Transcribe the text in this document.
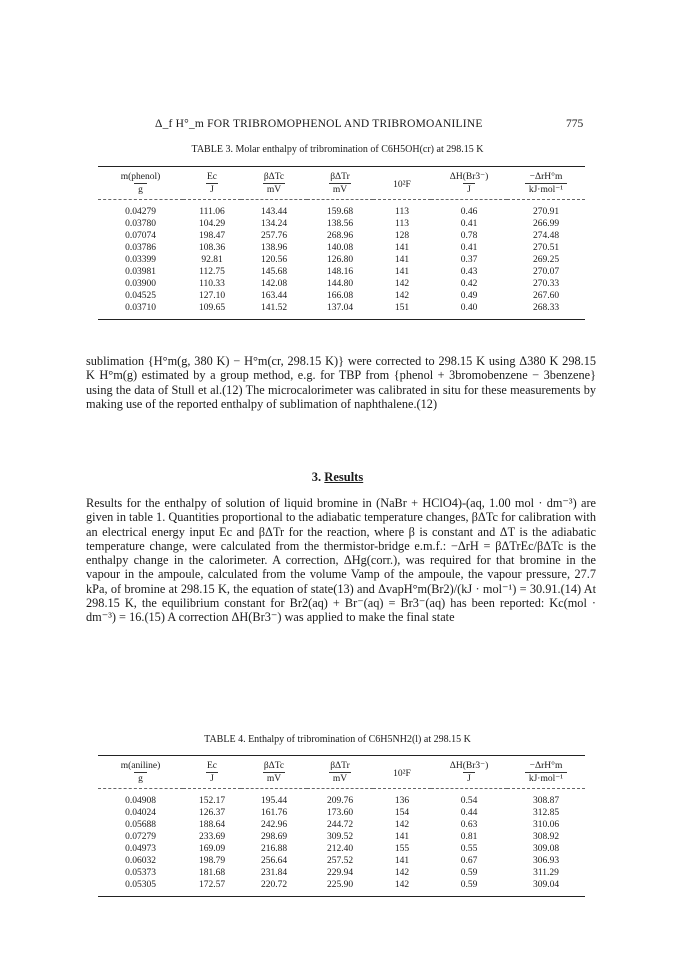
Δ_f H°_m FOR TRIBROMOPHENOL AND TRIBROMOANILINE	775
TABLE 3. Molar enthalpy of tribromination of C6H5OH(cr) at 298.15 K
m(phenol)	Ec	βΔTc	βΔTr	10²F	ΔH(Br3⁻)	−ΔrH°m
g	J	mV	mV		J	kJ·mol⁻¹
0.04279	111.06	143.44	159.68	113	0.46	270.91
0.03780	104.29	134.24	138.56	113	0.41	266.99
0.07074	198.47	257.76	268.96	128	0.78	274.48
0.03786	108.36	138.96	140.08	141	0.41	270.51
0.03399	92.81	120.56	126.80	141	0.37	269.25
0.03981	112.75	145.68	148.16	141	0.43	270.07
0.03900	110.33	142.08	144.80	142	0.42	270.33
0.04525	127.10	163.44	166.08	142	0.49	267.60
0.03710	109.65	141.52	137.04	151	0.40	268.33

sublimation {H°m(g, 380 K) − H°m(cr, 298.15 K)} were corrected to 298.15 K using Δ380 K 298.15 K H°m(g) estimated by a group method, e.g. for TBP from {phenol + 3bromobenzene − 3benzene} using the data of Stull et al.(12) The microcalorimeter was calibrated in situ for these measurements by making use of the reported enthalpy of sublimation of naphthalene.(12)

3. Results

Results for the enthalpy of solution of liquid bromine in (NaBr + HClO4)-(aq, 1.00 mol · dm⁻³) are given in table 1. Quantities proportional to the adiabatic temperature changes, βΔTc for calibration with an electrical energy input Ec and βΔTr for the reaction, where β is constant and ΔT is the adiabatic temperature change, were calculated from the thermistor-bridge e.m.f.: −ΔrH = βΔTrEc/βΔTc is the enthalpy change in the calorimeter. A correction, ΔHg(corr.), was required for that bromine in the vapour in the ampoule, calculated from the volume Vamp of the ampoule, the vapour pressure, 27.7 kPa, of bromine at 298.15 K, the equation of state(13) and ΔvapH°m(Br2)/(kJ · mol⁻¹) = 30.91.(14) At 298.15 K, the equilibrium constant for Br2(aq) + Br⁻(aq) = Br3⁻(aq) has been reported: Kc(mol · dm⁻³) = 16.(15) A correction ΔH(Br3⁻) was applied to make the final state

TABLE 4. Enthalpy of tribromination of C6H5NH2(l) at 298.15 K
m(aniline)	Ec	βΔTc	βΔTr	10²F	ΔH(Br3⁻)	−ΔrH°m
g	J	mV	mV		J	kJ·mol⁻¹
0.04908	152.17	195.44	209.76	136	0.54	308.87
0.04024	126.37	161.76	173.60	154	0.44	312.85
0.05688	188.64	242.96	244.72	142	0.63	310.06
0.07279	233.69	298.69	309.52	141	0.81	308.92
0.04973	169.09	216.88	212.40	155	0.55	309.08
0.06032	198.79	256.64	257.52	141	0.67	306.93
0.05373	181.68	231.84	229.94	142	0.59	311.29
0.05305	172.57	220.72	225.90	142	0.59	309.04
